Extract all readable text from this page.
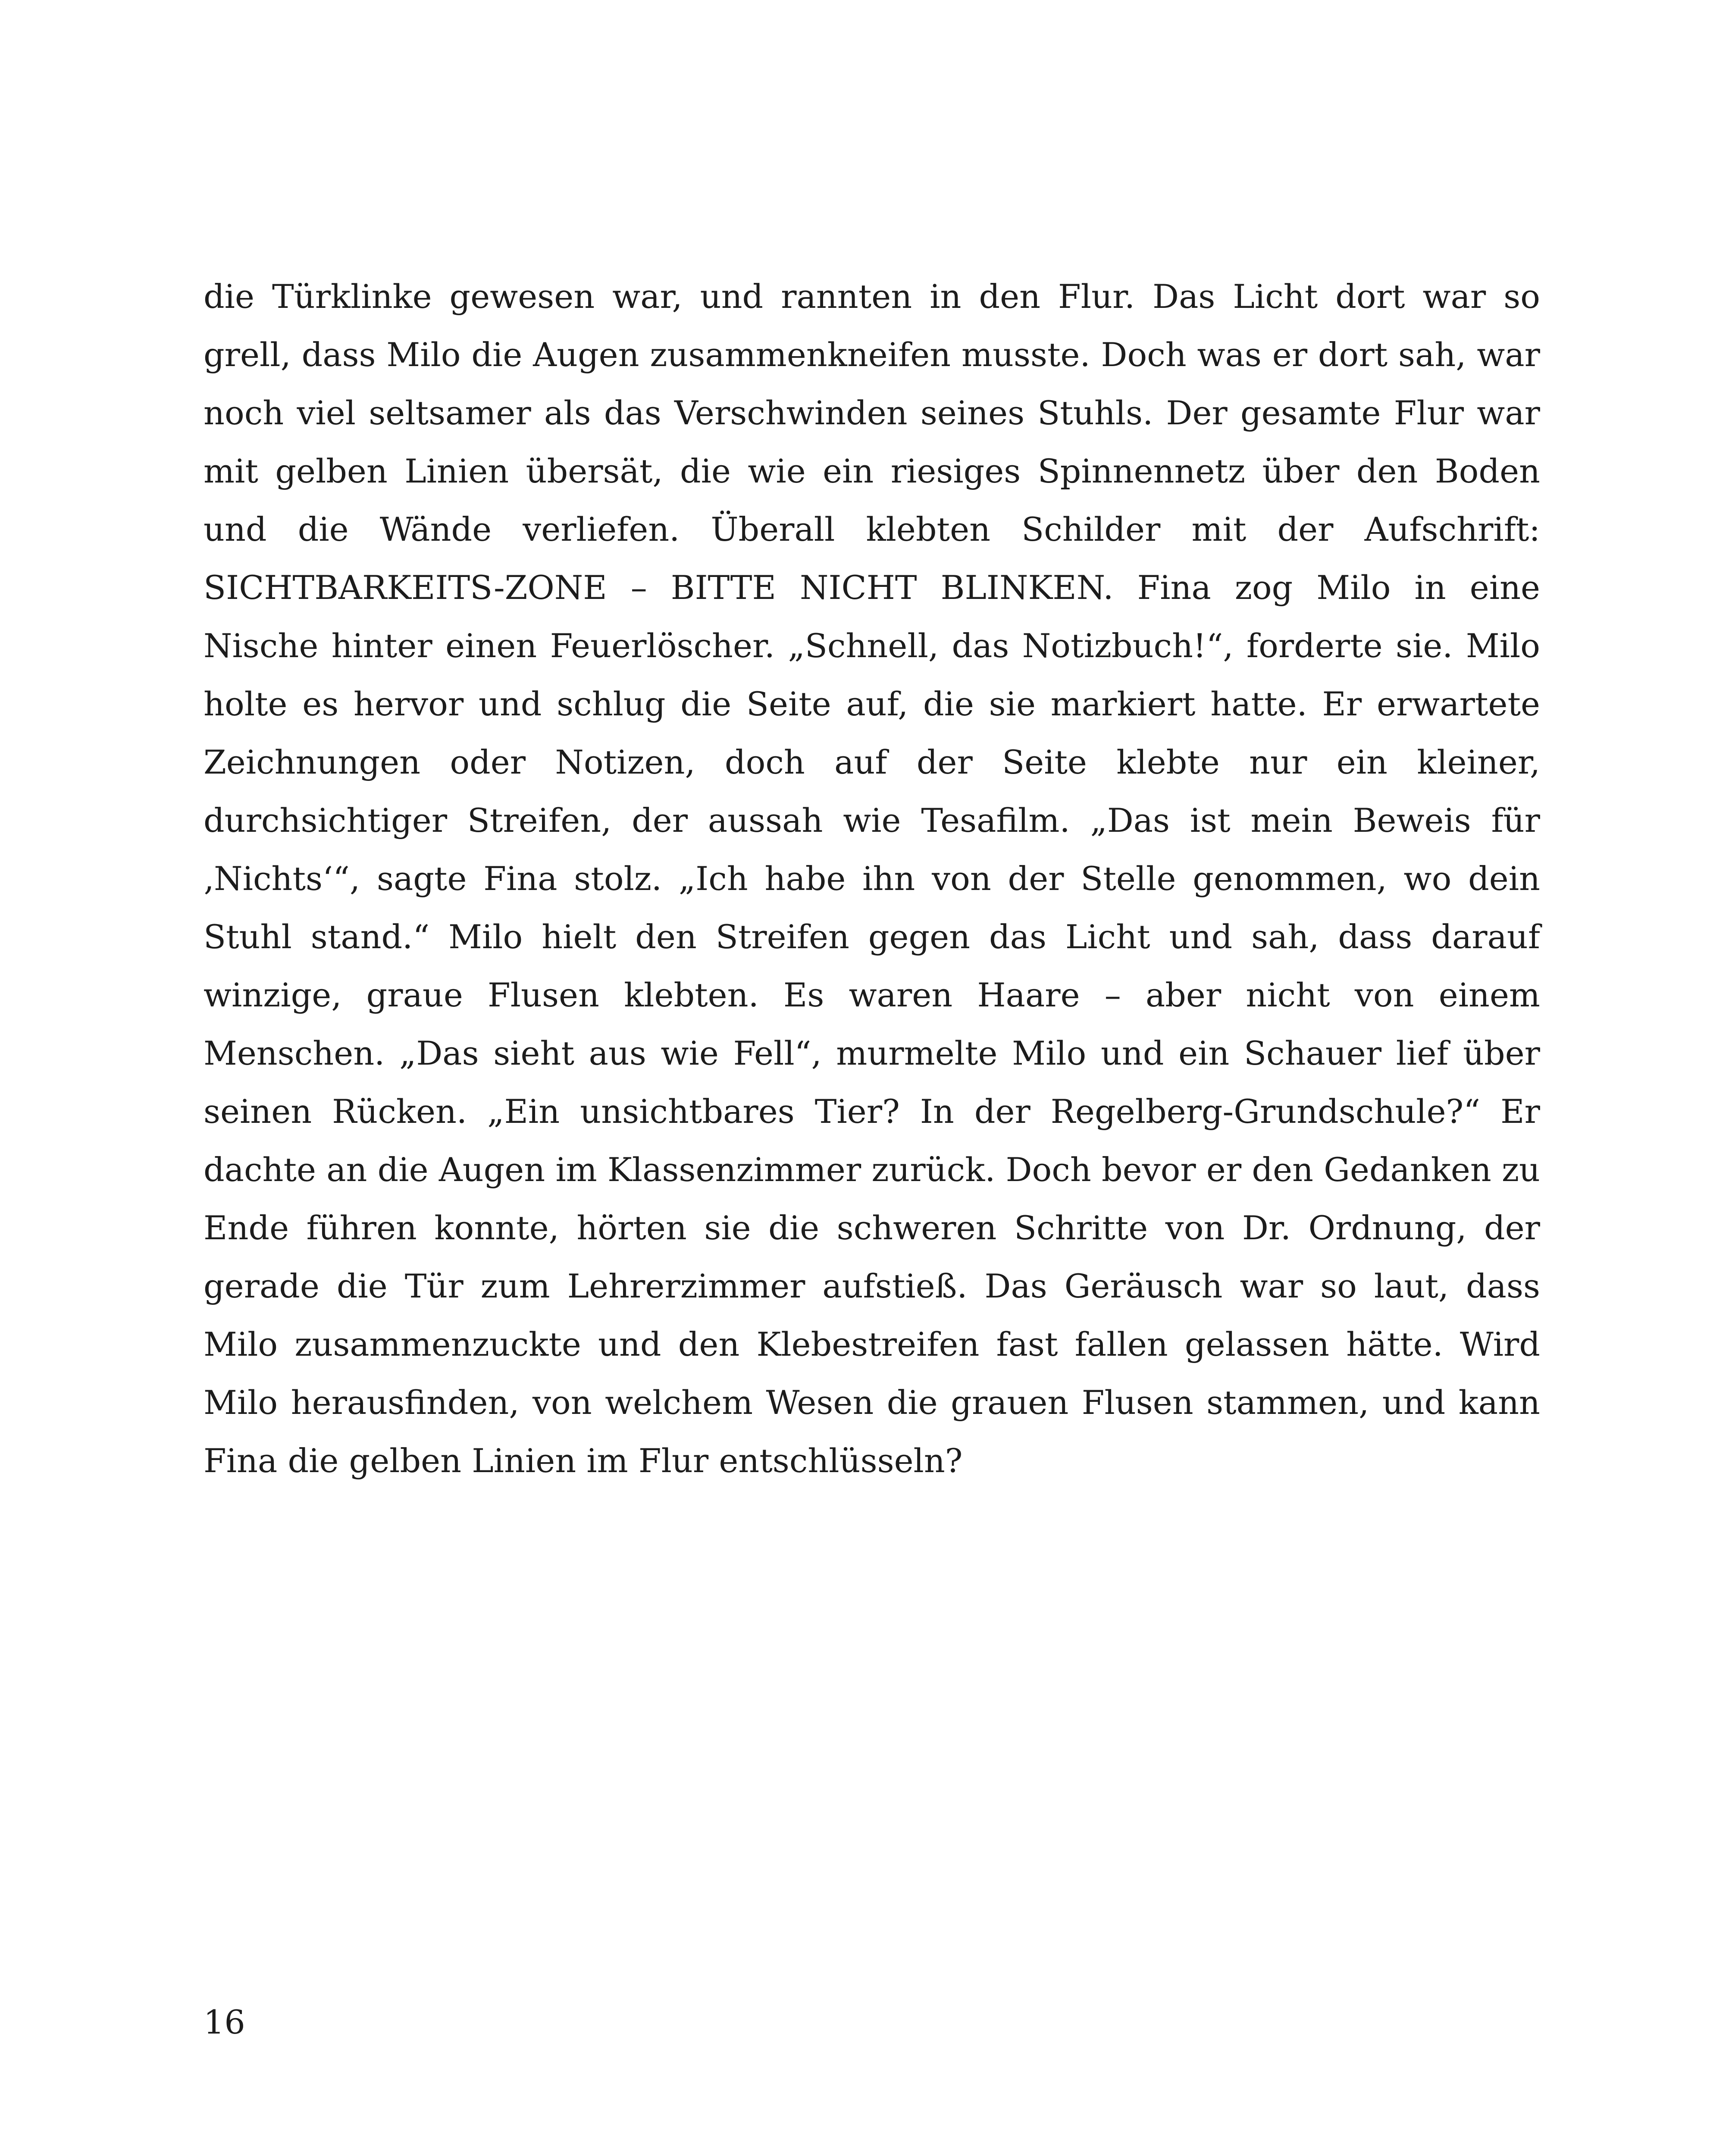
die Türklinke gewesen war, und rannten in den Flur. Das Licht dort war so grell, dass Milo die Augen zusammenkneifen musste. Doch was er dort sah, war noch viel seltsamer als das Verschwinden seines Stuhls. Der gesamte Flur war mit gelben Linien übersät, die wie ein riesiges Spinnennetz über den Boden und die Wände verliefen. Überall klebten Schilder mit der Aufschrift: SICHTBARKEITS-ZONE – BITTE NICHT BLINKEN. Fina zog Milo in eine Nische hinter einen Feuerlöscher. „Schnell, das Notizbuch!“, forderte sie. Milo holte es hervor und schlug die Seite auf, die sie markiert hatte. Er erwartete Zeichnungen oder Notizen, doch auf der Seite klebte nur ein kleiner, durchsichtiger Streifen, der aussah wie Tesafilm. „Das ist mein Beweis für ‚Nichts‘“, sagte Fina stolz. „Ich habe ihn von der Stelle genommen, wo dein Stuhl stand.“ Milo hielt den Streifen gegen das Licht und sah, dass darauf winzige, graue Flusen klebten. Es waren Haare – aber nicht von einem Menschen. „Das sieht aus wie Fell“, murmelte Milo und ein Schauer lief über seinen Rücken. „Ein unsichtbares Tier? In der Regelberg-Grundschule?“ Er dachte an die Augen im Klassenzimmer zurück. Doch bevor er den Gedanken zu Ende führen konnte, hörten sie die schweren Schritte von Dr. Ordnung, der gerade die Tür zum Lehrerzimmer aufstieß. Das Geräusch war so laut, dass Milo zusammenzuckte und den Klebestreifen fast fallen gelassen hätte. Wird Milo herausfinden, von welchem Wesen die grauen Flusen stammen, und kann Fina die gelben Linien im Flur entschlüsseln?

16
